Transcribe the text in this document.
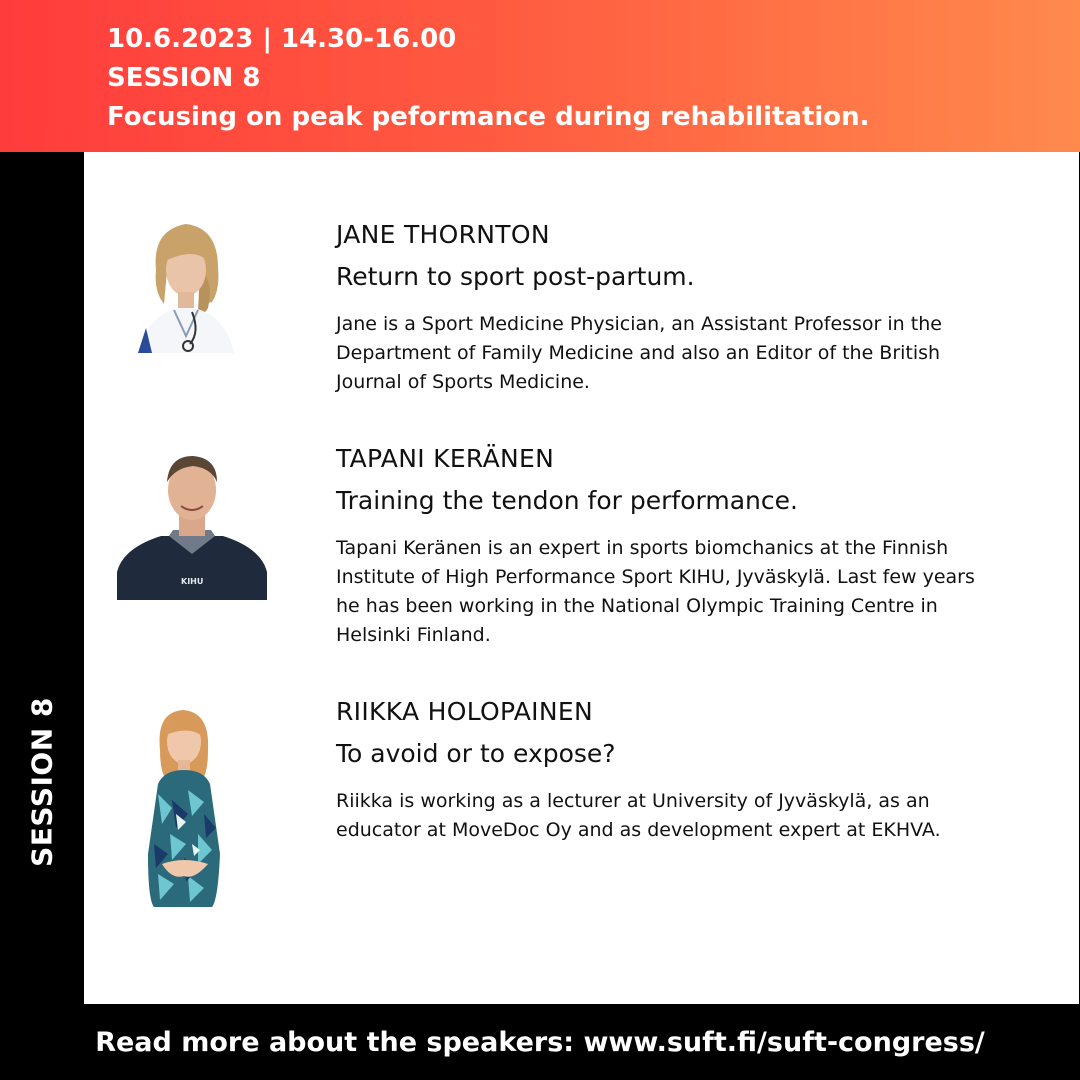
10.6.2023 | 14.30-16.00
SESSION 8
Focusing on peak peformance during rehabilitation.
SESSION 8
JANE THORNTON
Return to sport post-partum.
Jane is a Sport Medicine Physician, an Assistant Professor in the Department of Family Medicine and also an Editor of the British Journal of Sports Medicine.
KIHU
TAPANI KERÄNEN
Training the tendon for performance.
Tapani Keränen is an expert in sports biomchanics at the Finnish Institute of High Performance Sport KIHU, Jyväskylä. Last few years he has been working in the National Olympic Training Centre in Helsinki Finland.
RIIKKA HOLOPAINEN
To avoid or to expose?
Riikka is working as a lecturer at University of Jyväskylä, as an educator at MoveDoc Oy and as development expert at EKHVA.
Read more about the speakers: www.suft.fi/suft-congress/
